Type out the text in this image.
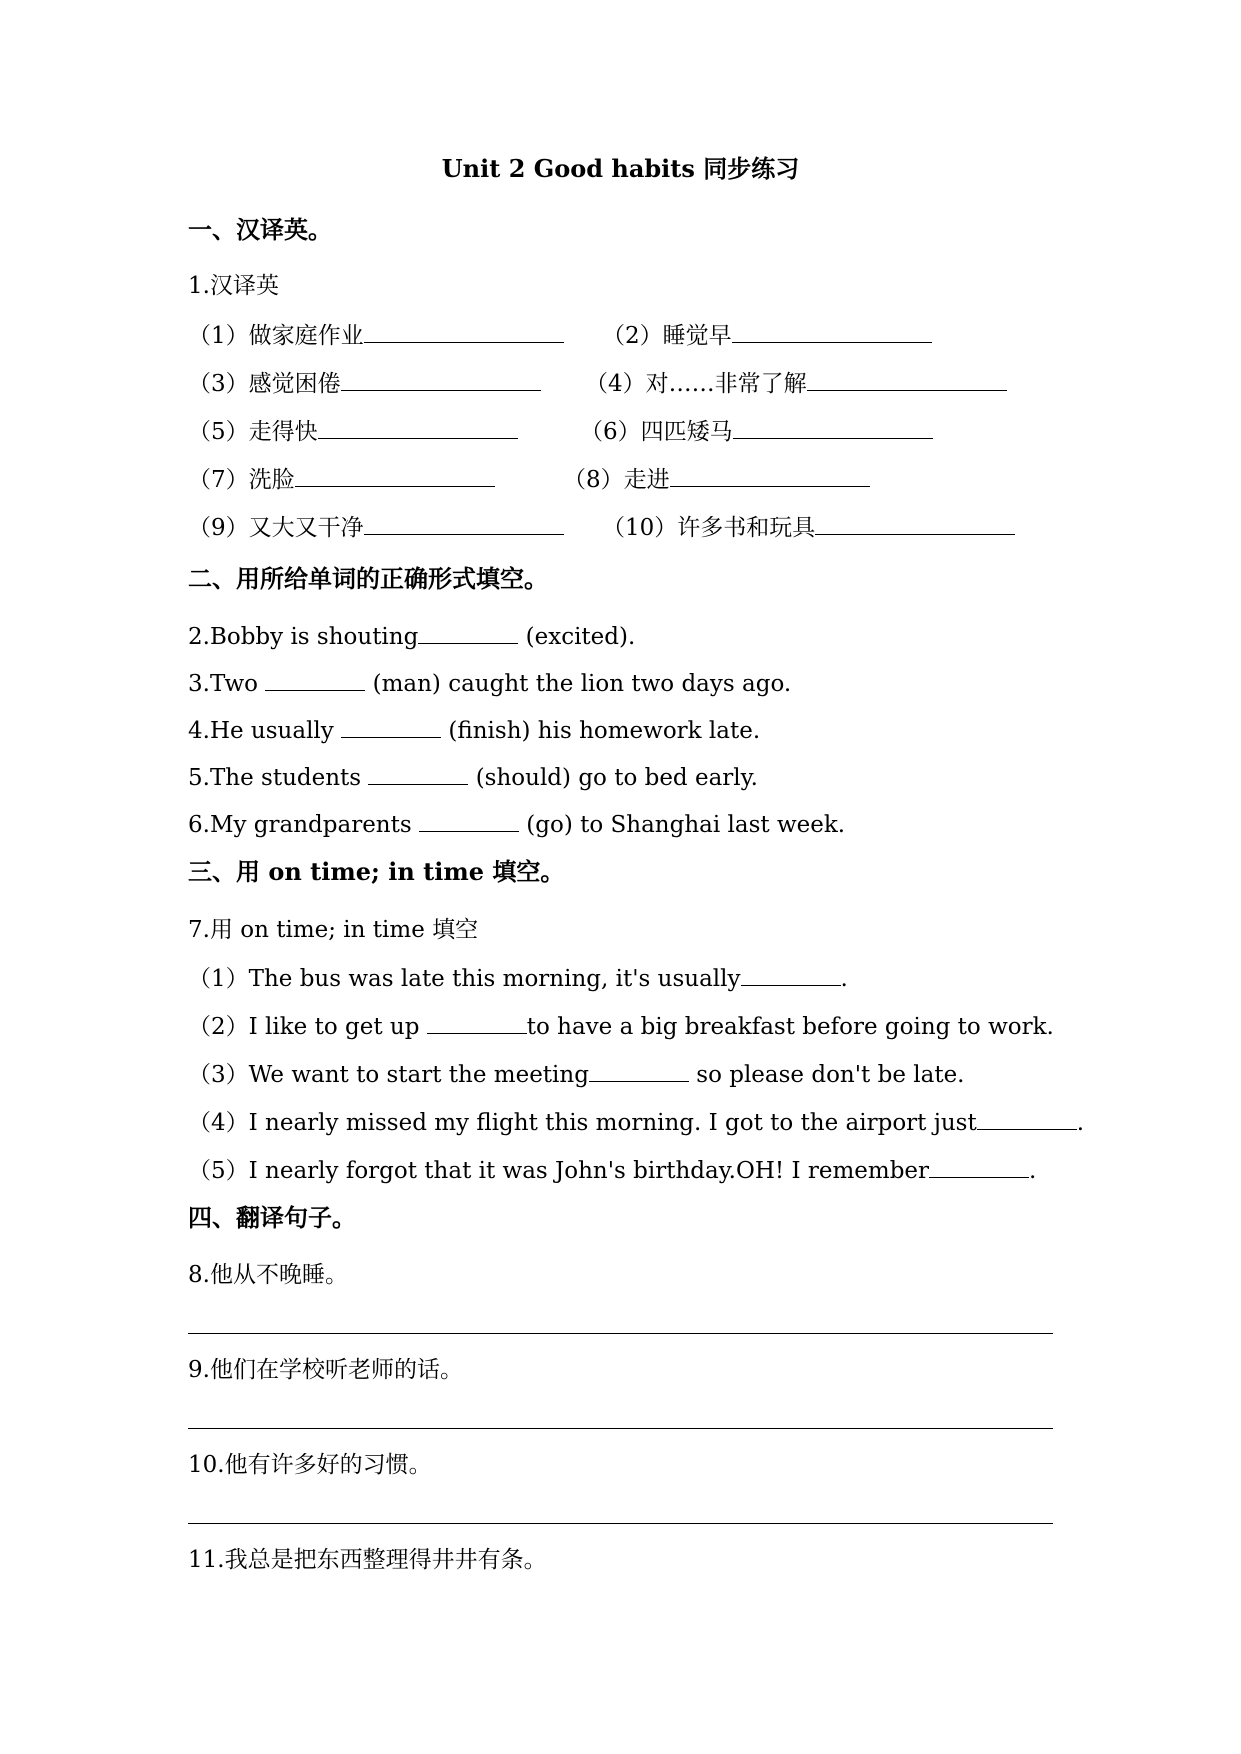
Unit 2 Good habits 同步练习
一、汉译英。
1.汉译英
（1）做家庭作业	（2）睡觉早
（3）感觉困倦	（4）对……非常了解
（5）走得快	（6）四匹矮马
（7）洗脸	（8）走进
（9）又大又干净	（10）许多书和玩具
二、用所给单词的正确形式填空。
2.Bobby is shouting	(excited).
3.Two	(man) caught the lion two days ago.
4.He usually	(finish) his homework late.
5.The students	(should) go to bed early.
6.My grandparents	(go) to Shanghai last week.
三、用 on time; in time 填空。
7.用 on time; in time 填空
（1）The bus was late this morning, it's usually	.
（2）I like to get up	to have a big breakfast before going to work.
（3）We want to start the meeting	so please don't be late.
（4）I nearly missed my flight this morning. I got to the airport just	.
（5）I nearly forgot that it was John's birthday.OH! I remember	.
四、翻译句子。
8.他从不晚睡。
9.他们在学校听老师的话。
10.他有许多好的习惯。
11.我总是把东西整理得井井有条。
